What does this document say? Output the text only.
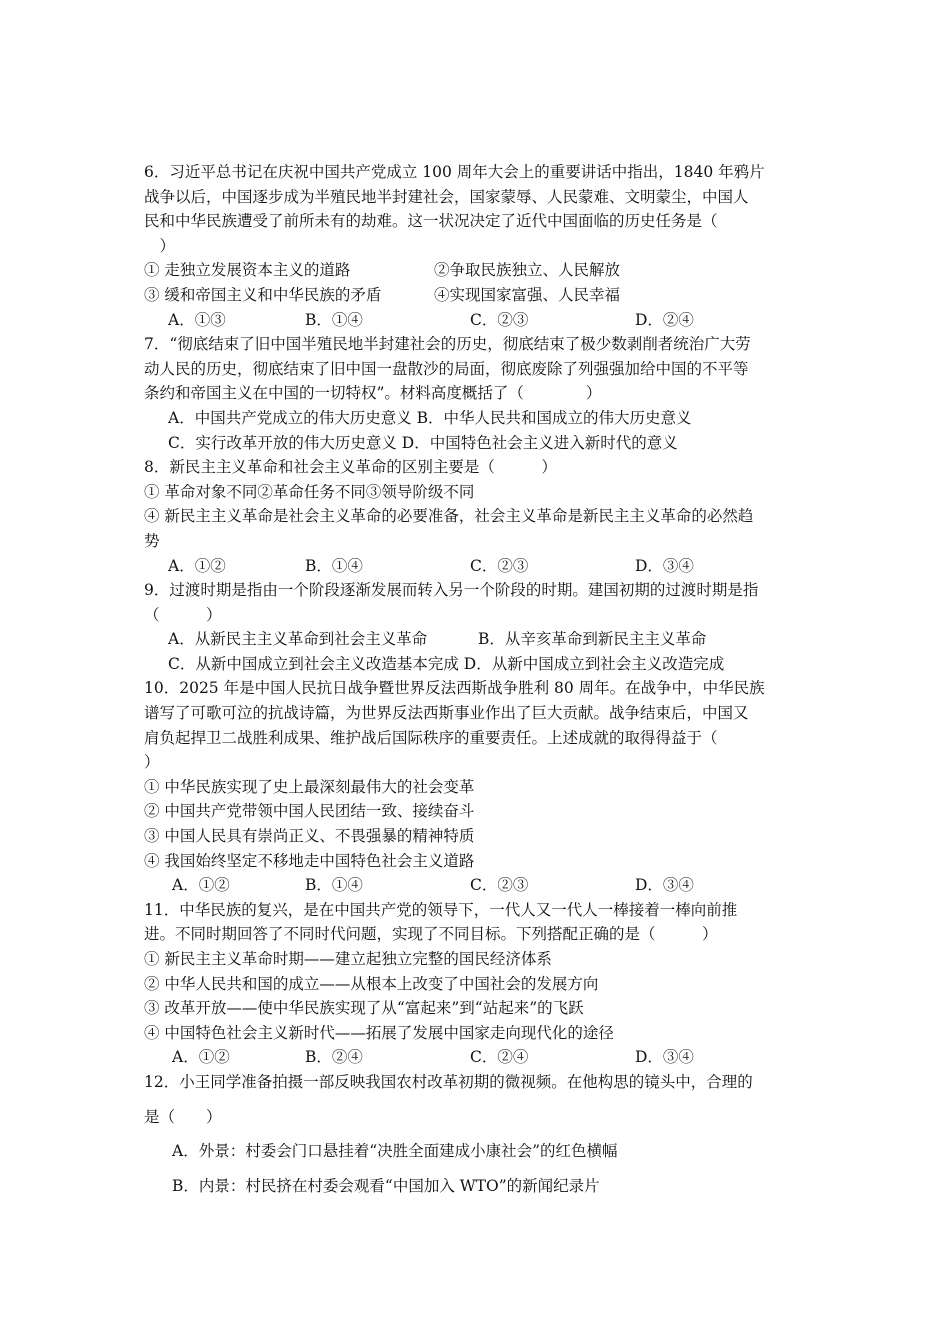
6．习近平总书记在庆祝中国共产党成立 100 周年大会上的重要讲话中指出，1840 年鸦片
战争以后，中国逐步成为半殖民地半封建社会，国家蒙辱、人民蒙难、文明蒙尘，中国人
民和中华民族遭受了前所未有的劫难。这一状况决定了近代中国面临的历史任务是（
　）
① 走独立发展资本主义的道路	②争取民族独立、人民解放
③ 缓和帝国主义和中华民族的矛盾	④实现国家富强、人民幸福
A．①③	B．①④	C．②③	D．②④
7．“彻底结束了旧中国半殖民地半封建社会的历史，彻底结束了极少数剥削者统治广大劳
动人民的历史，彻底结束了旧中国一盘散沙的局面，彻底废除了列强强加给中国的不平等
条约和帝国主义在中国的一切特权”。材料高度概括了（　　　　）
A．中国共产党成立的伟大历史意义 B．中华人民共和国成立的伟大历史意义
C．实行改革开放的伟大历史意义 D．中国特色社会主义进入新时代的意义
8．新民主主义革命和社会主义革命的区别主要是（　　　）
① 革命对象不同②革命任务不同③领导阶级不同
④ 新民主主义革命是社会主义革命的必要准备，社会主义革命是新民主主义革命的必然趋
势
A．①②	B．①④	C．②③	D．③④
9．过渡时期是指由一个阶段逐渐发展而转入另一个阶段的时期。建国初期的过渡时期是指
（　　　）
A．从新民主主义革命到社会主义革命	B．从辛亥革命到新民主主义革命
C．从新中国成立到社会主义改造基本完成 D．从新中国成立到社会主义改造完成
10．2025 年是中国人民抗日战争暨世界反法西斯战争胜利 80 周年。在战争中，中华民族
谱写了可歌可泣的抗战诗篇，为世界反法西斯事业作出了巨大贡献。战争结束后，中国又
肩负起捍卫二战胜利成果、维护战后国际秩序的重要责任。上述成就的取得得益于（
）
① 中华民族实现了史上最深刻最伟大的社会变革
② 中国共产党带领中国人民团结一致、接续奋斗
③ 中国人民具有崇尚正义、不畏强暴的精神特质
④ 我国始终坚定不移地走中国特色社会主义道路
A．①②	B．①④	C．②③	D．③④
11．中华民族的复兴，是在中国共产党的领导下，一代人又一代人一棒接着一棒向前推
进。不同时期回答了不同时代问题，实现了不同目标。下列搭配正确的是（　　　）
① 新民主主义革命时期——建立起独立完整的国民经济体系
② 中华人民共和国的成立——从根本上改变了中国社会的发展方向
③ 改革开放——使中华民族实现了从“富起来”到“站起来”的飞跃
④ 中国特色社会主义新时代——拓展了发展中国家走向现代化的途径
A．①②	B．②④	C．②④	D．③④
12．小王同学准备拍摄一部反映我国农村改革初期的微视频。在他构思的镜头中，合理的
是（　　）
A．外景：村委会门口悬挂着“决胜全面建成小康社会”的红色横幅
B．内景：村民挤在村委会观看“中国加入 WTO”的新闻纪录片
